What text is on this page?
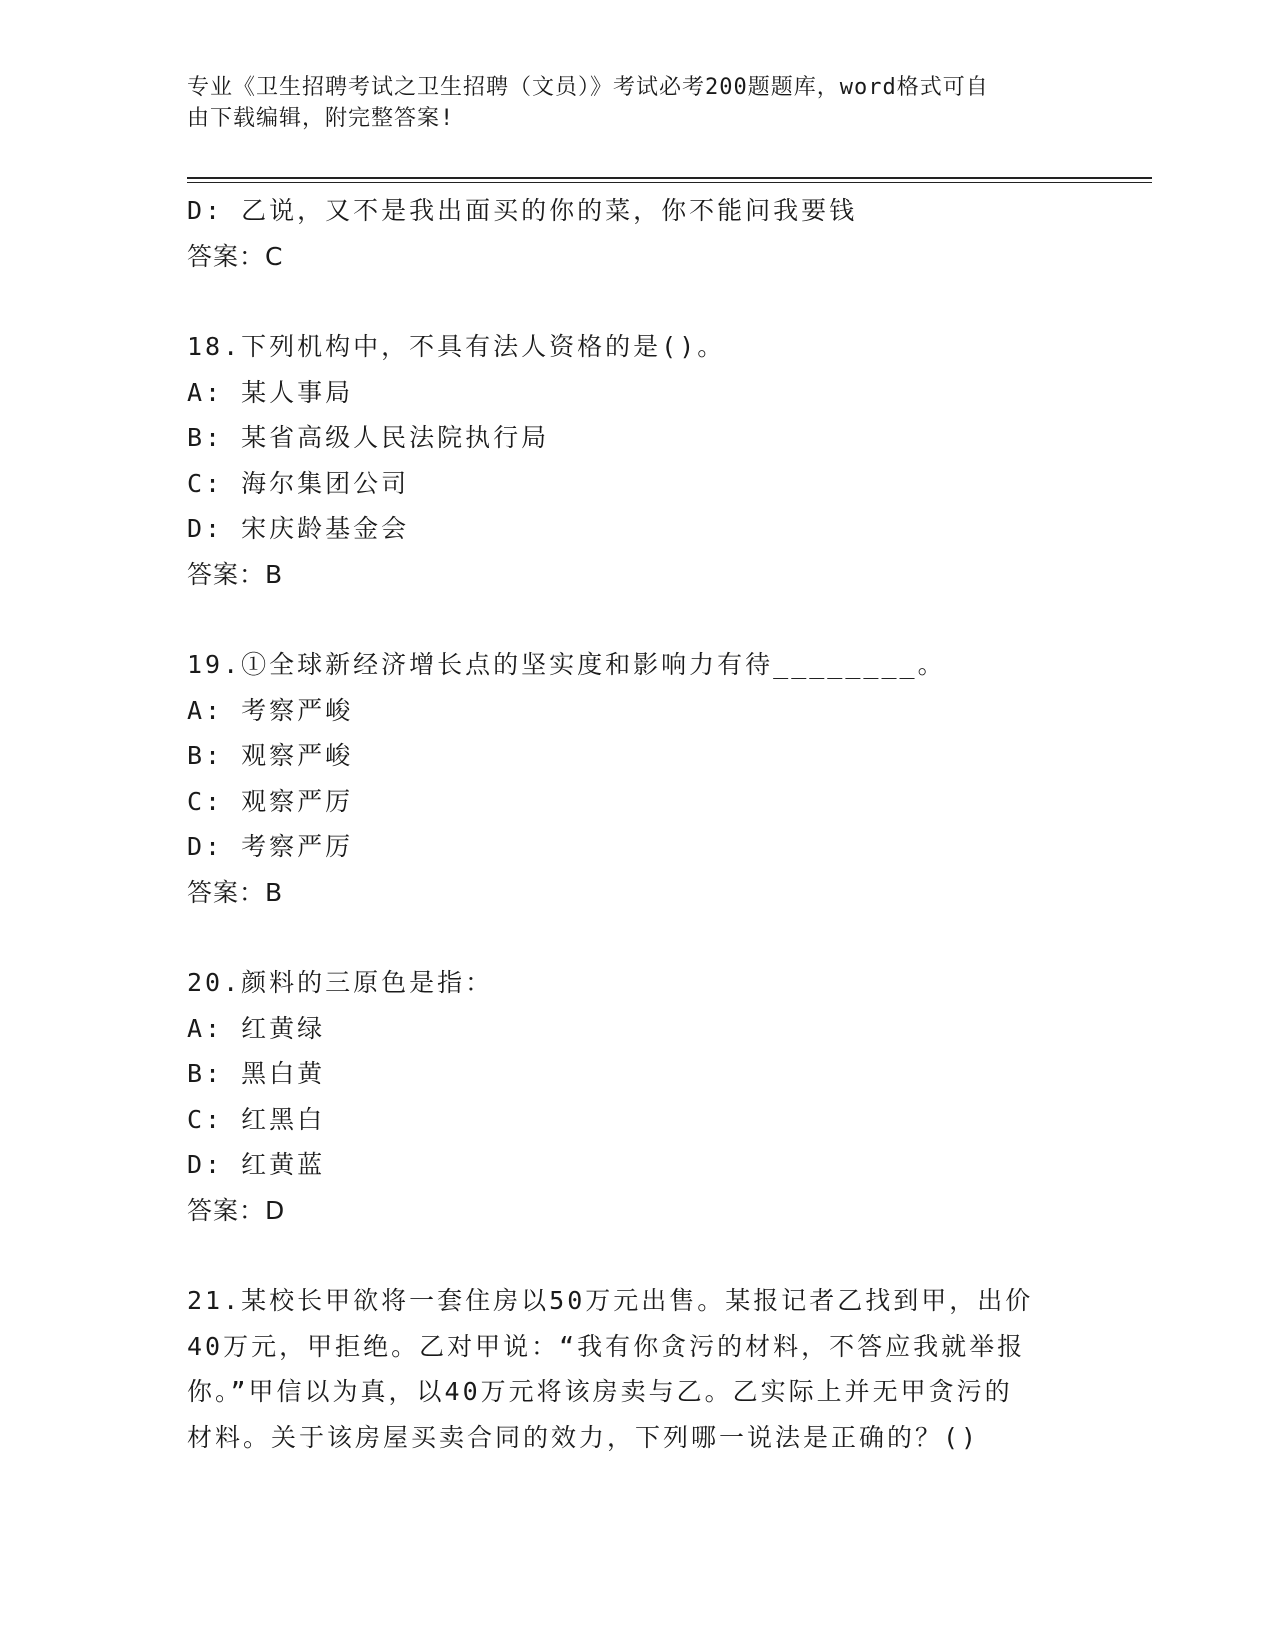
专业《卫生招聘考试之卫生招聘（文员）》考试必考200题题库，word格式可自
由下载编辑，附完整答案!
D: 乙说，又不是我出面买的你的菜，你不能问我要钱
答案：C
18.下列机构中，不具有法人资格的是()。
A: 某人事局
B: 某省高级人民法院执行局
C: 海尔集团公司
D: 宋庆龄基金会
答案：B
19.①全球新经济增长点的坚实度和影响力有待________。
A: 考察严峻
B: 观察严峻
C: 观察严厉
D: 考察严厉
答案：B
20.颜料的三原色是指：
A: 红黄绿
B: 黑白黄
C: 红黑白
D: 红黄蓝
答案：D
21.某校长甲欲将一套住房以50万元出售。某报记者乙找到甲，出价
40万元，甲拒绝。乙对甲说：“我有你贪污的材料，不答应我就举报
你。”甲信以为真，以40万元将该房卖与乙。乙实际上并无甲贪污的
材料。关于该房屋买卖合同的效力，下列哪一说法是正确的？()
